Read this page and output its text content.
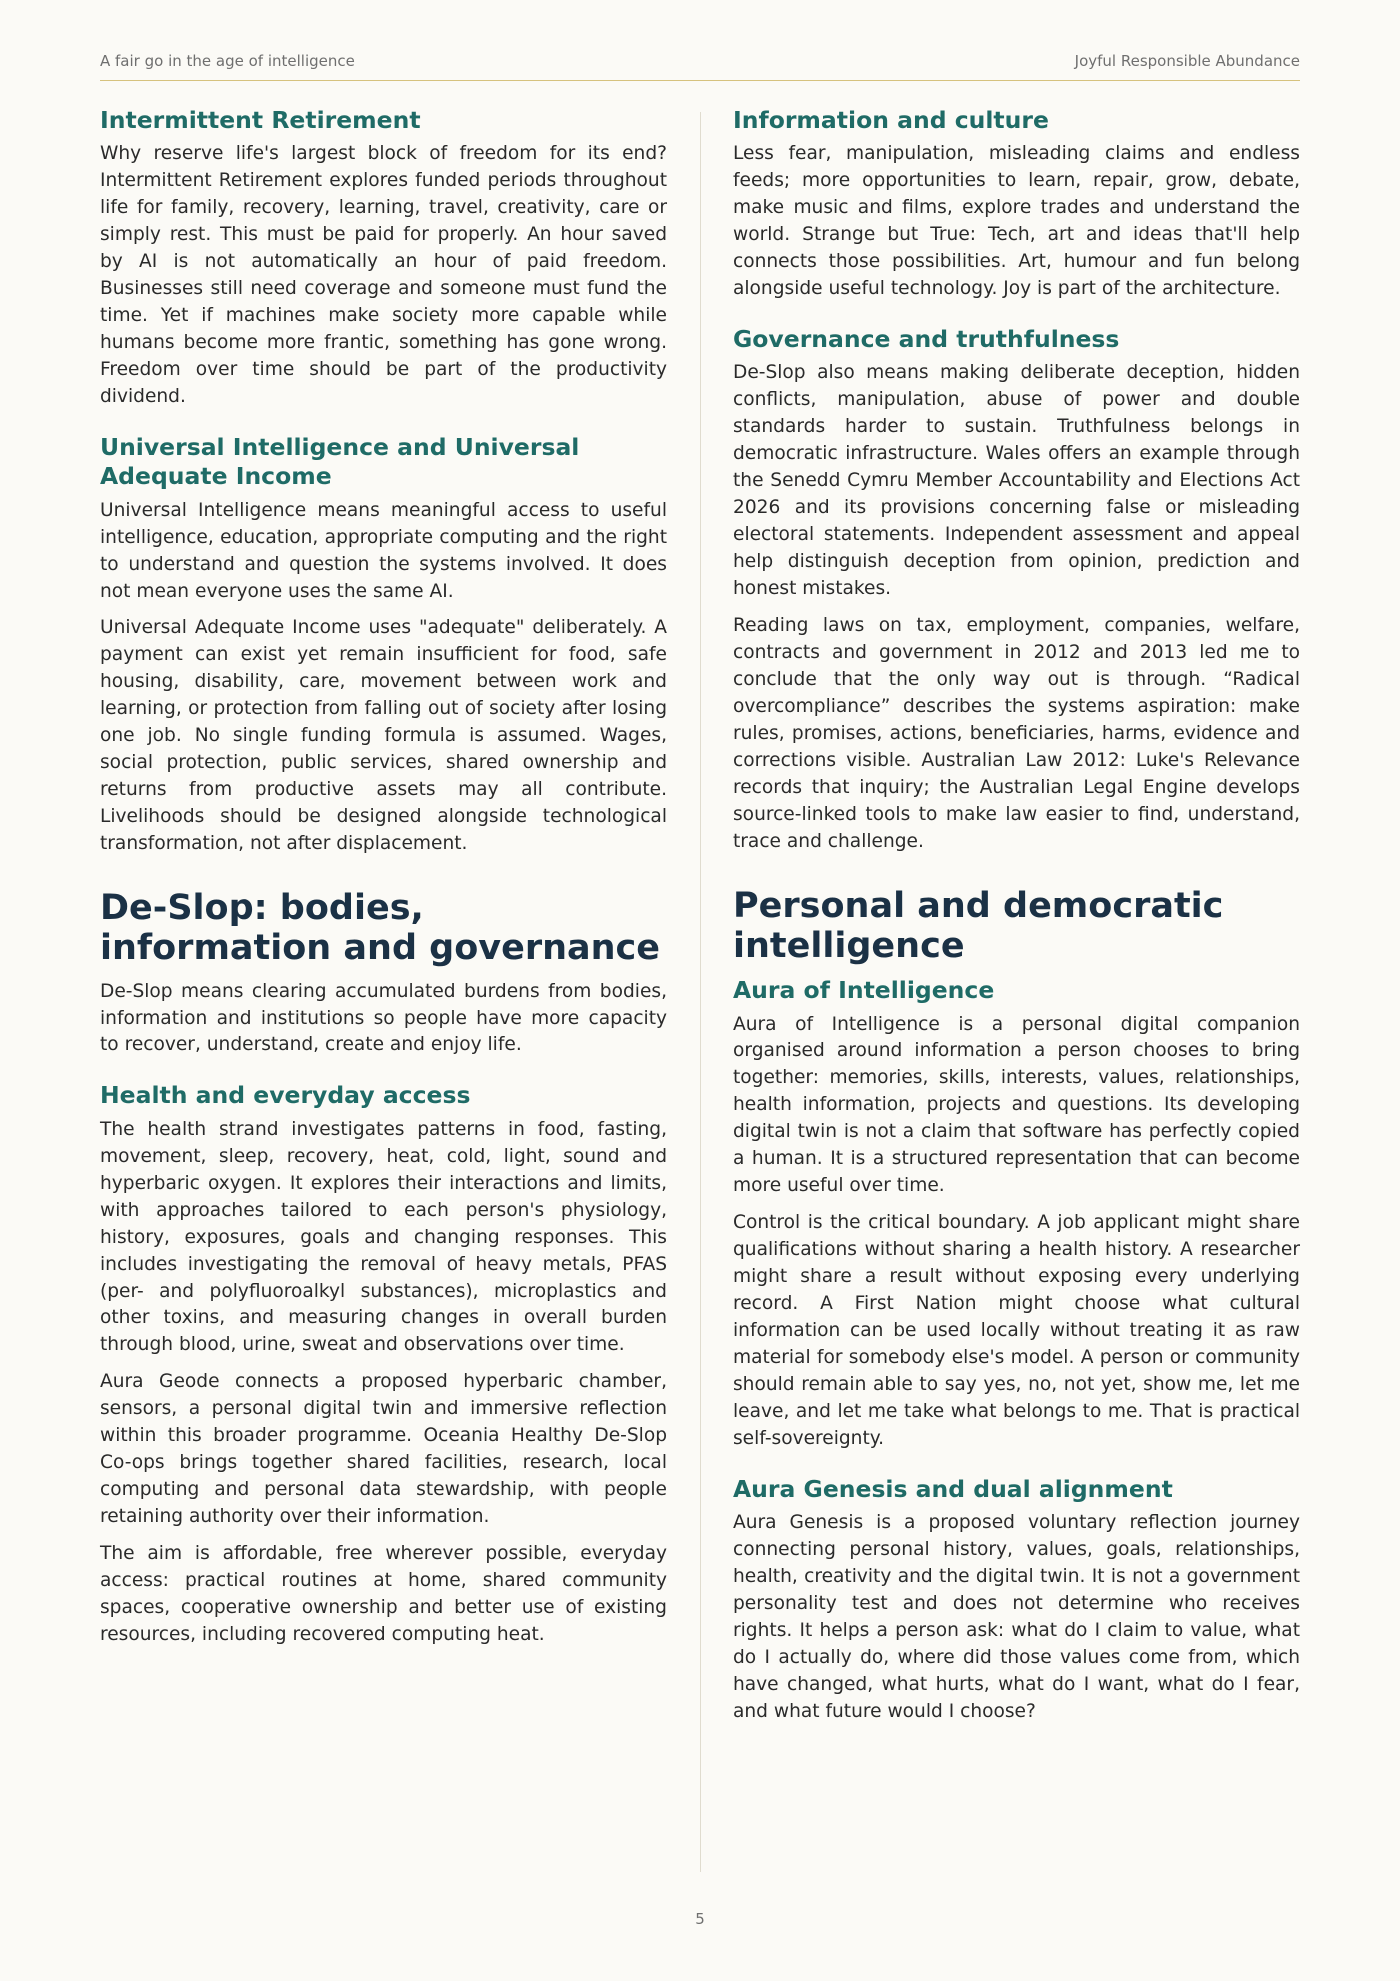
A fair go in the age of intelligence	Joyful Responsible Abundance
Intermittent Retirement

Why reserve life's largest block of freedom for its end? Intermittent Retirement explores funded periods throughout life for family, recovery, learning, travel, creativity, care or simply rest. This must be paid for properly. An hour saved by AI is not automatically an hour of paid freedom. Businesses still need coverage and someone must fund the time. Yet if machines make society more capable while humans become more frantic, something has gone wrong. Freedom over time should be part of the productivity dividend.

Universal Intelligence and Universal Adequate Income

Universal Intelligence means meaningful access to useful intelligence, education, appropriate computing and the right to understand and question the systems involved. It does not mean everyone uses the same AI.

Universal Adequate Income uses "adequate" deliberately. A payment can exist yet remain insufficient for food, safe housing, disability, care, movement between work and learning, or protection from falling out of society after losing one job. No single funding formula is assumed. Wages, social protection, public services, shared ownership and returns from productive assets may all contribute. Livelihoods should be designed alongside technological transformation, not after displacement.

De-Slop: bodies, information and governance

De-Slop means clearing accumulated burdens from bodies, information and institutions so people have more capacity to recover, understand, create and enjoy life.

Health and everyday access

The health strand investigates patterns in food, fasting, movement, sleep, recovery, heat, cold, light, sound and hyperbaric oxygen. It explores their interactions and limits, with approaches tailored to each person's physiology, history, exposures, goals and changing responses. This includes investigating the removal of heavy metals, PFAS (per- and polyfluoroalkyl substances), microplastics and other toxins, and measuring changes in overall burden through blood, urine, sweat and observations over time.

Aura Geode connects a proposed hyperbaric chamber, sensors, a personal digital twin and immersive reflection within this broader programme. Oceania Healthy De-Slop Co-ops brings together shared facilities, research, local computing and personal data stewardship, with people retaining authority over their information.

The aim is affordable, free wherever possible, everyday access: practical routines at home, shared community spaces, cooperative ownership and better use of existing resources, including recovered computing heat.

Information and culture

Less fear, manipulation, misleading claims and endless feeds; more opportunities to learn, repair, grow, debate, make music and films, explore trades and understand the world. Strange but True: Tech, art and ideas that'll help connects those possibilities. Art, humour and fun belong alongside useful technology. Joy is part of the architecture.

Governance and truthfulness

De-Slop also means making deliberate deception, hidden conflicts, manipulation, abuse of power and double standards harder to sustain. Truthfulness belongs in democratic infrastructure. Wales offers an example through the Senedd Cymru Member Accountability and Elections Act 2026 and its provisions concerning false or misleading electoral statements. Independent assessment and appeal help distinguish deception from opinion, prediction and honest mistakes.

Reading laws on tax, employment, companies, welfare, contracts and government in 2012 and 2013 led me to conclude that the only way out is through. “Radical overcompliance” describes the systems aspiration: make rules, promises, actions, beneficiaries, harms, evidence and corrections visible. Australian Law 2012: Luke's Relevance records that inquiry; the Australian Legal Engine develops source-linked tools to make law easier to find, understand, trace and challenge.

Personal and democratic intelligence
Aura of Intelligence

Aura of Intelligence is a personal digital companion organised around information a person chooses to bring together: memories, skills, interests, values, relationships, health information, projects and questions. Its developing digital twin is not a claim that software has perfectly copied a human. It is a structured representation that can become more useful over time.

Control is the critical boundary. A job applicant might share qualifications without sharing a health history. A researcher might share a result without exposing every underlying record. A First Nation might choose what cultural information can be used locally without treating it as raw material for somebody else's model. A person or community should remain able to say yes, no, not yet, show me, let me leave, and let me take what belongs to me. That is practical self-sovereignty.

Aura Genesis and dual alignment

Aura Genesis is a proposed voluntary reflection journey connecting personal history, values, goals, relationships, health, creativity and the digital twin. It is not a government personality test and does not determine who receives rights. It helps a person ask: what do I claim to value, what do I actually do, where did those values come from, which have changed, what hurts, what do I want, what do I fear, and what future would I choose?

5
